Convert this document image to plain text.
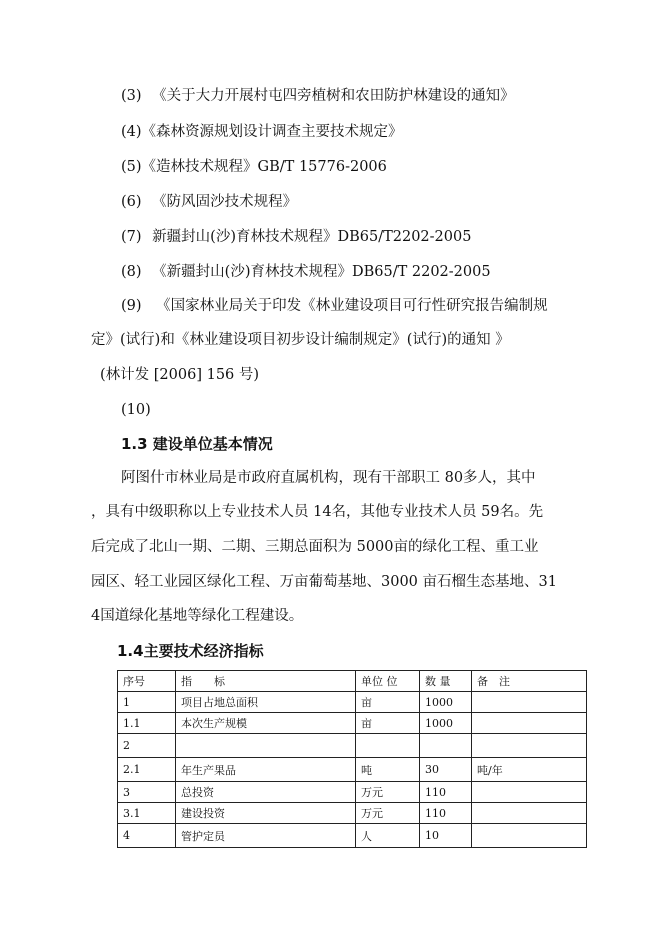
(3) 《关于大力开展村屯四旁植树和农田防护林建设的通知》
(4)《森林资源规划设计调查主要技术规定》
(5)《造林技术规程》GB/T 15776-2006
(6) 《防风固沙技术规程》
(7) 新疆封山(沙)育林技术规程》DB65/T2202-2005
(8) 《新疆封山(沙)育林技术规程》DB65/T 2202-2005
(9) 《国家林业局关于印发《林业建设项目可行性研究报告编制规
定》(试行)和《林业建设项目初步设计编制规定》(试行)的通知 》
(林计发 [2006] 156 号)
(10)
1.3 建设单位基本情况
阿图什市林业局是市政府直属机构，现有干部职工 80多人，其中
，具有中级职称以上专业技术人员 14名，其他专业技术人员 59名。先
后完成了北山一期、二期、三期总面积为 5000亩的绿化工程、重工业
园区、轻工业园区绿化工程、万亩葡萄基地、3000 亩石榴生态基地、31
4国道绿化基地等绿化工程建设。
1.4主要技术经济指标
序号	指　　标	单位 位	数 量	备　注
1	项目占地总面积	亩	1000	
1.1	本次生产规模	亩	1000	
2				
2.1	年生产果品	吨	30	吨/年
3	总投资	万元	110	
3.1	建设投资	万元	110	
4	管护定员	人	10	
